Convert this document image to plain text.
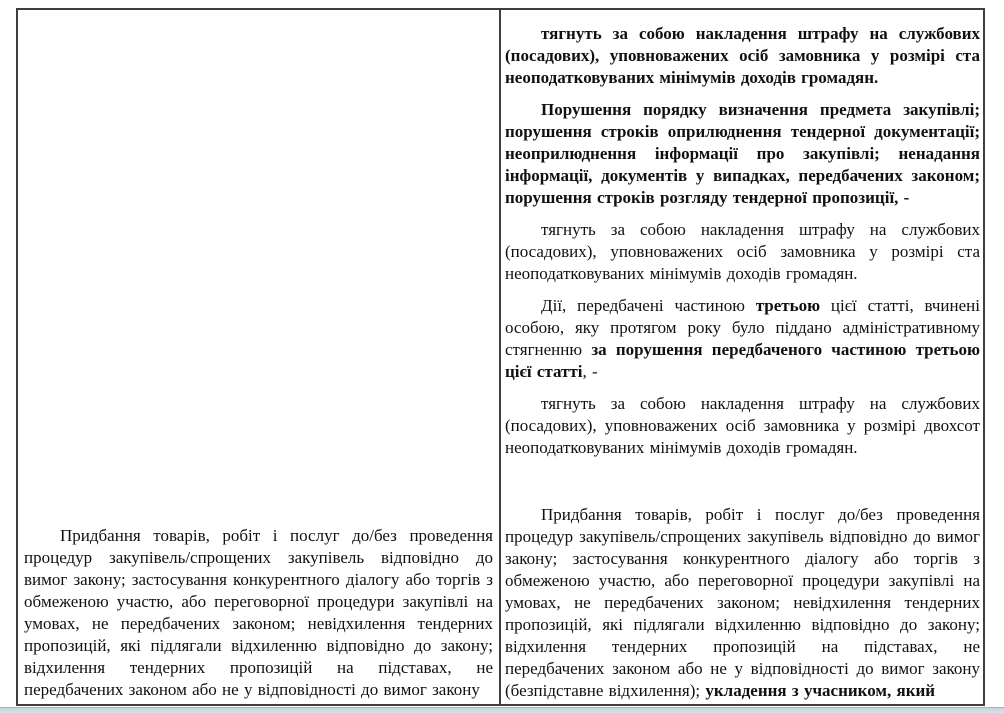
Придбання товарів, робіт і послуг до/без проведення процедур закупівель/спрощених закупівель відповідно до вимог закону; застосування конкурентного діалогу або торгів з обмеженою участю, або переговорної процедури закупівлі на умовах, не передбачених законом; невідхилення тендерних пропозицій, які підлягали відхиленню відповідно до закону; відхилення тендерних пропозицій на підставах, не передбачених законом або не у відповідності до вимог закону

тягнуть за собою накладення штрафу на службових (посадових), уповноважених осіб замовника у розмірі ста неоподатковуваних мінімумів доходів громадян.

Порушення порядку визначення предмета закупівлі; порушення строків оприлюднення тендерної документації; неоприлюднення інформації про закупівлі; ненадання інформації, документів у випадках, передбачених законом; порушення строків розгляду тендерної пропозиції, -

тягнуть за собою накладення штрафу на службових (посадових), уповноважених осіб замовника у розмірі ста неоподатковуваних мінімумів доходів громадян.

Дії, передбачені частиною третьою цієї статті, вчинені особою, яку протягом року було піддано адміністративному стягненню за порушення передбаченого частиною третьою цієї статті, -

тягнуть за собою накладення штрафу на службових (посадових), уповноважених осіб замовника у розмірі двохсот неоподатковуваних мінімумів доходів громадян.

Придбання товарів, робіт і послуг до/без проведення процедур закупівель/спрощених закупівель відповідно до вимог закону; застосування конкурентного діалогу або торгів з обмеженою участю, або переговорної процедури закупівлі на умовах, не передбачених законом; невідхилення тендерних пропозицій, які підлягали відхиленню відповідно до закону; відхилення тендерних пропозицій на підставах, не передбачених законом або не у відповідності до вимог закону (безпідставне відхилення); укладення з учасником, який
